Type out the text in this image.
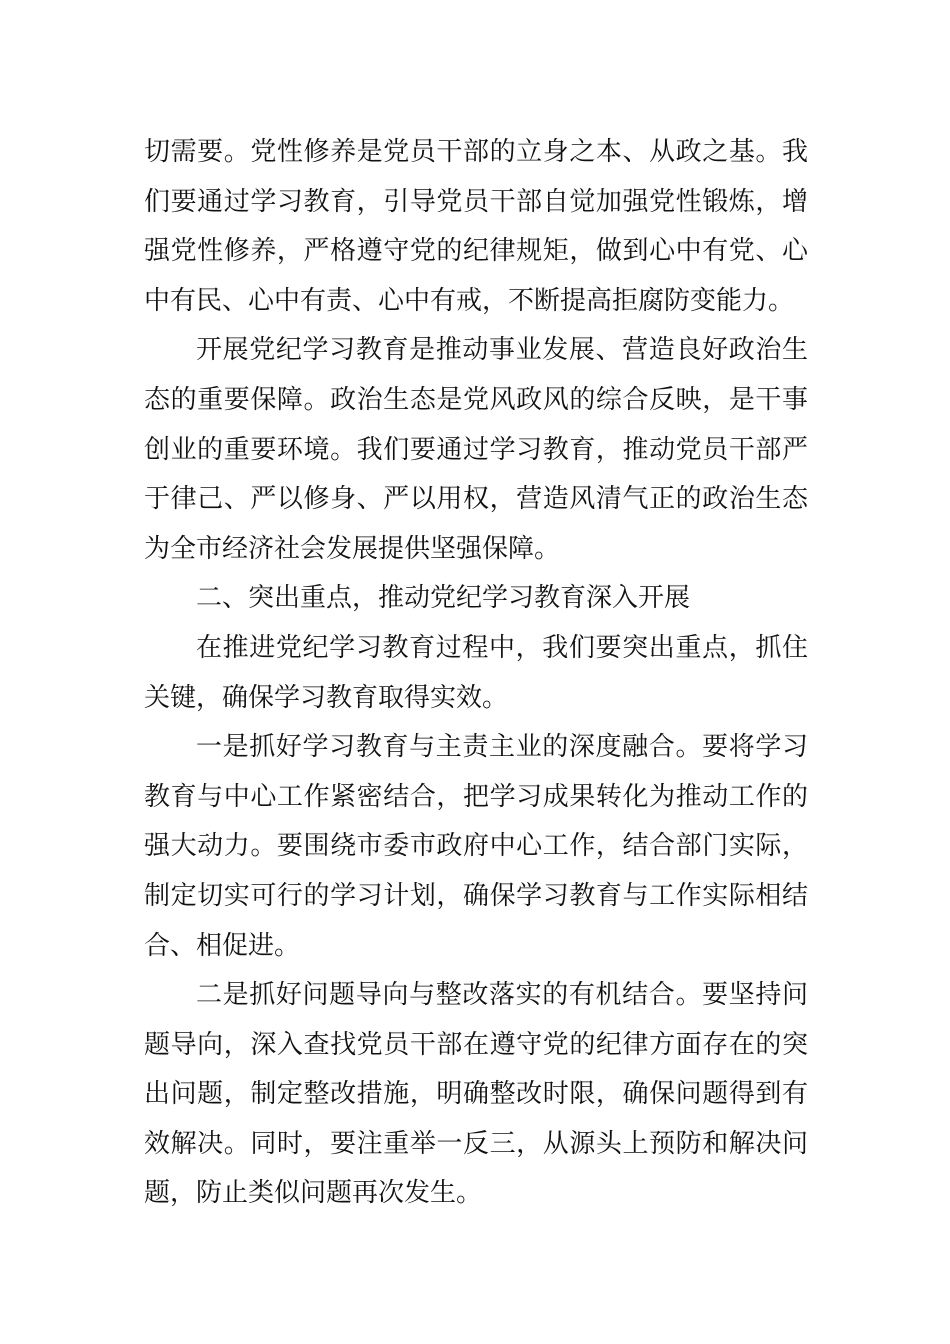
切需要。党性修养是党员干部的立身之本、从政之基。我们要通过学习教育，引导党员干部自觉加强党性锻炼，增强党性修养，严格遵守党的纪律规矩，做到心中有党、心中有民、心中有责、心中有戒，不断提高拒腐防变能力。

开展党纪学习教育是推动事业发展、营造良好政治生态的重要保障。政治生态是党风政风的综合反映，是干事创业的重要环境。我们要通过学习教育，推动党员干部严于律己、严以修身、严以用权，营造风清气正的政治生态为全市经济社会发展提供坚强保障。

二、突出重点，推动党纪学习教育深入开展

在推进党纪学习教育过程中，我们要突出重点，抓住关键，确保学习教育取得实效。

一是抓好学习教育与主责主业的深度融合。要将学习教育与中心工作紧密结合，把学习成果转化为推动工作的强大动力。要围绕市委市政府中心工作，结合部门实际，制定切实可行的学习计划，确保学习教育与工作实际相结合、相促进。

二是抓好问题导向与整改落实的有机结合。要坚持问题导向，深入查找党员干部在遵守党的纪律方面存在的突出问题，制定整改措施，明确整改时限，确保问题得到有效解决。同时，要注重举一反三，从源头上预防和解决问题，防止类似问题再次发生。
